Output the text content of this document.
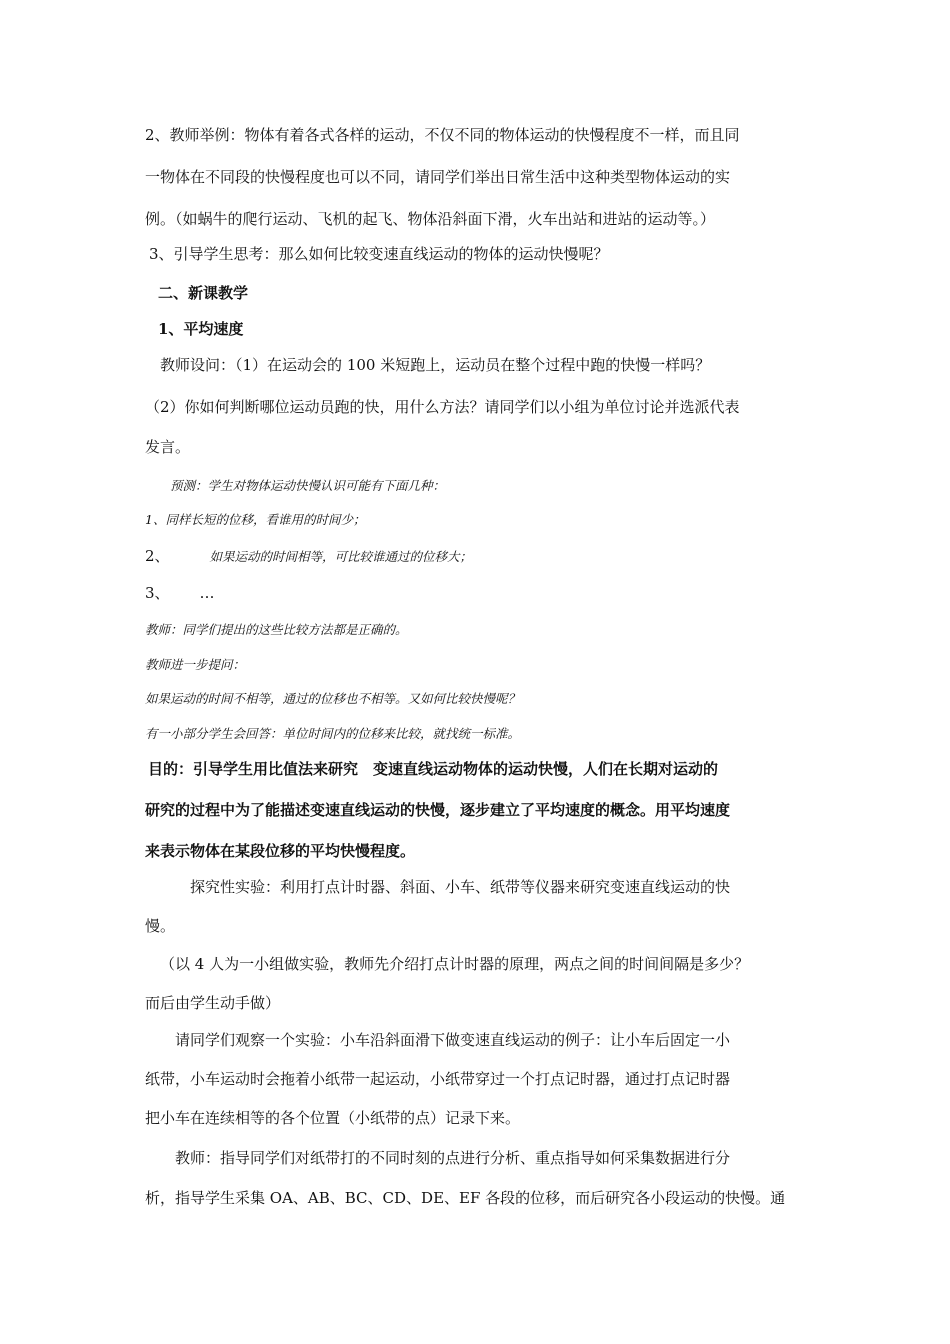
2、教师举例：物体有着各式各样的运动，不仅不同的物体运动的快慢程度不一样，而且同
一物体在不同段的快慢程度也可以不同，请同学们举出日常生活中这种类型物体运动的实
例。（如蜗牛的爬行运动、飞机的起飞、物体沿斜面下滑，火车出站和进站的运动等。）
3、引导学生思考：那么如何比较变速直线运动的物体的运动快慢呢？
二、新课教学
1、平均速度
教师设问：（1）在运动会的 100 米短跑上，运动员在整个过程中跑的快慢一样吗？
（2）你如何判断哪位运动员跑的快，用什么方法？请同学们以小组为单位讨论并选派代表
发言。
预测：学生对物体运动快慢认识可能有下面几种：
1、同样长短的位移，看谁用的时间少；
2、	如果运动的时间相等，可比较谁通过的位移大；
3、 …
教师：同学们提出的这些比较方法都是正确的。
教师进一步提问：
如果运动的时间不相等，通过的位移也不相等。又如何比较快慢呢？
有一小部分学生会回答：单位时间内的位移来比较，就找统一标准。
目的：引导学生用比值法来研究　变速直线运动物体的运动快慢，人们在长期对运动的
研究的过程中为了能描述变速直线运动的快慢，逐步建立了平均速度的概念。用平均速度
来表示物体在某段位移的平均快慢程度。
探究性实验：利用打点计时器、斜面、小车、纸带等仪器来研究变速直线运动的快
慢。
（以 4 人为一小组做实验，教师先介绍打点计时器的原理，两点之间的时间间隔是多少？
而后由学生动手做）
请同学们观察一个实验：小车沿斜面滑下做变速直线运动的例子：让小车后固定一小
纸带，小车运动时会拖着小纸带一起运动，小纸带穿过一个打点记时器，通过打点记时器
把小车在连续相等的各个位置（小纸带的点）记录下来。
教师：指导同学们对纸带打的不同时刻的点进行分析、重点指导如何采集数据进行分
析，指导学生采集 OA、AB、BC、CD、DE、EF 各段的位移，而后研究各小段运动的快慢。通
